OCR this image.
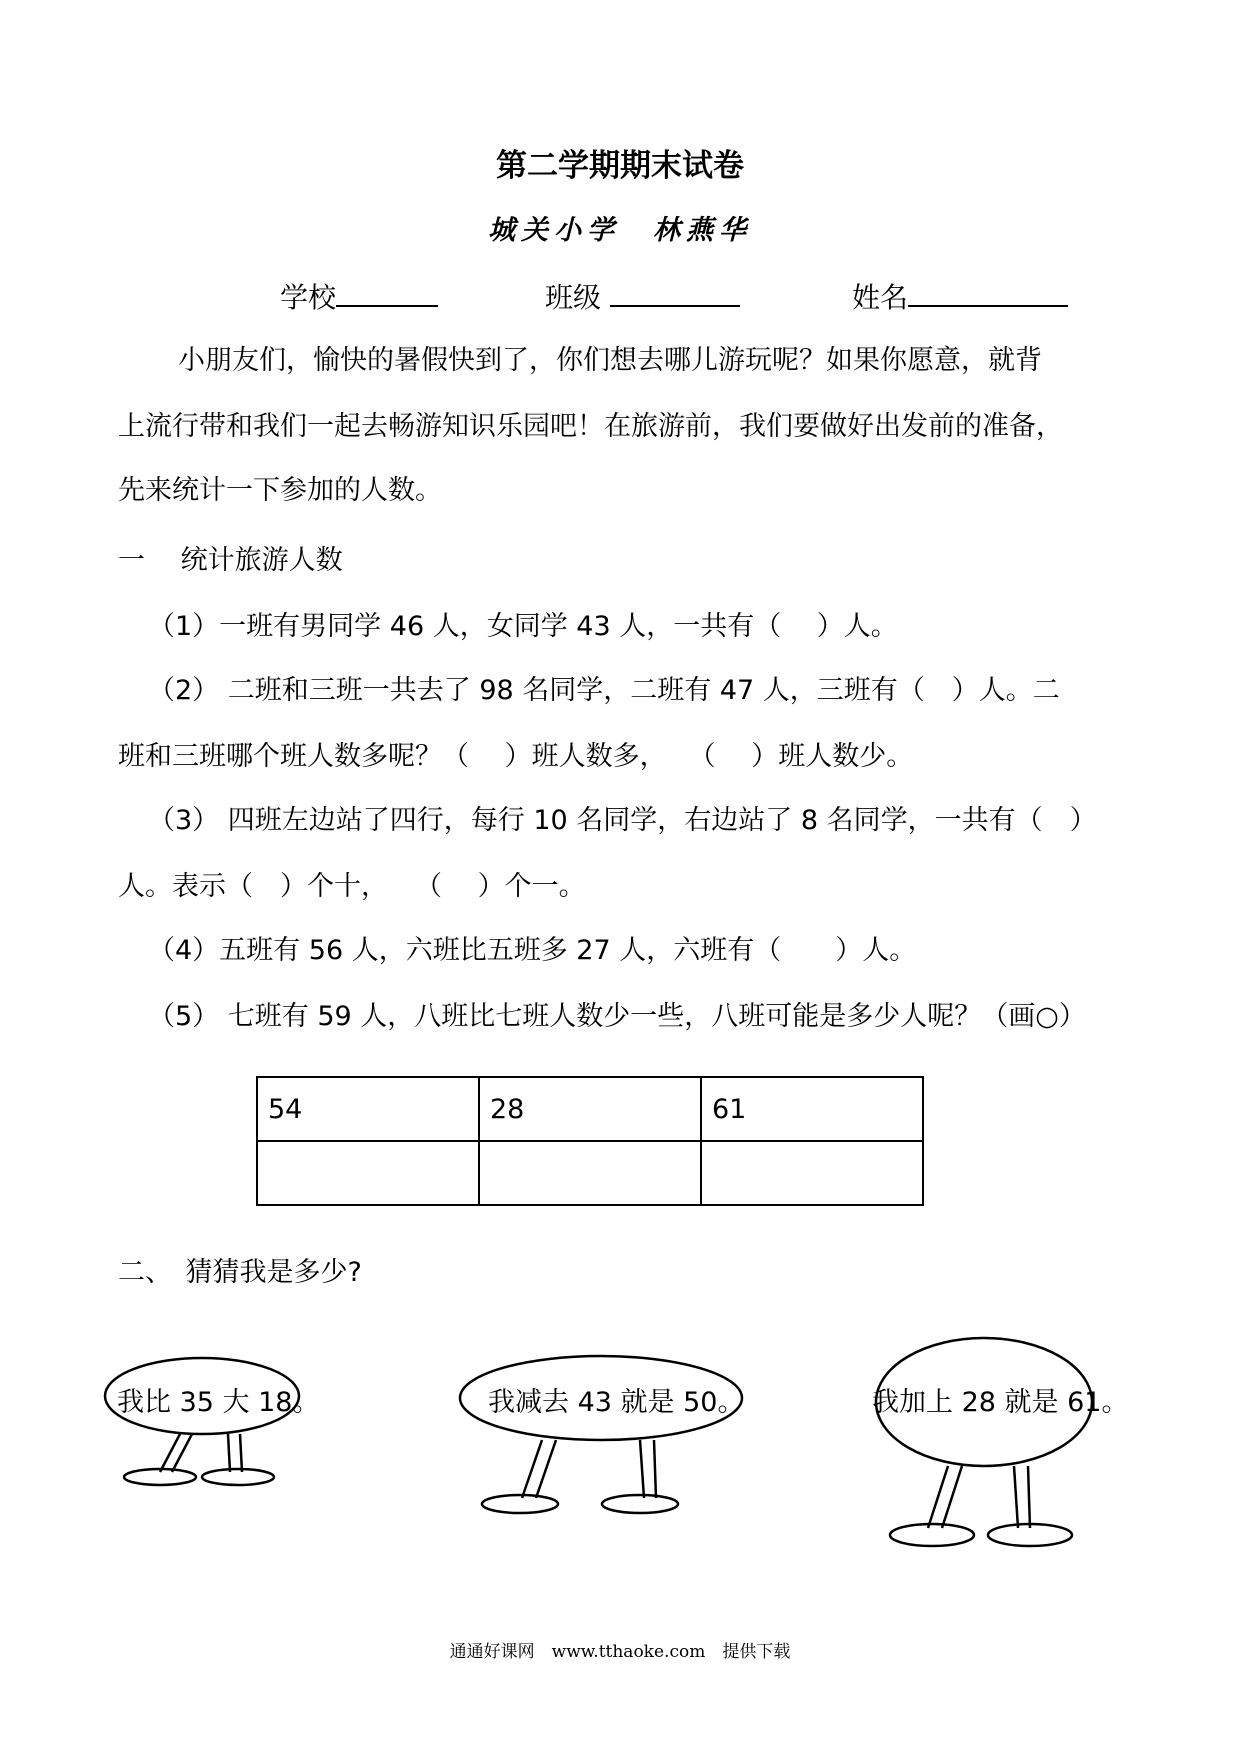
第二学期期末试卷
城关小学　林燕华
学校	班级	姓名
小朋友们，愉快的暑假快到了，你们想去哪儿游玩呢？如果你愿意，就背
上流行带和我们一起去畅游知识乐园吧！在旅游前，我们要做好出发前的准备，
先来统计一下参加的人数。
一　 统计旅游人数
（1）一班有男同学 46 人，女同学 43 人，一共有（　 ）人。
（2） 二班和三班一共去了 98 名同学，二班有 47 人，三班有（　）人。二
班和三班哪个班人数多呢？（　 ）班人数多，　 （　 ）班人数少。
（3） 四班左边站了四行，每行 10 名同学，右边站了 8 名同学，一共有（　）
人。表示（　）个十，　　（　 ）个一。
（4）五班有 56 人，六班比五班多 27 人，六班有（　　）人。
（5） 七班有 59 人，八班比七班人数少一些，八班可能是多少人呢？（画○）
54	28	61

二、　猜猜我是多少?
我比 35 大 18。	我减去 43 就是 50。	我加上 28 就是 61。
通通好课网　www.tthaoke.com　提供下载
